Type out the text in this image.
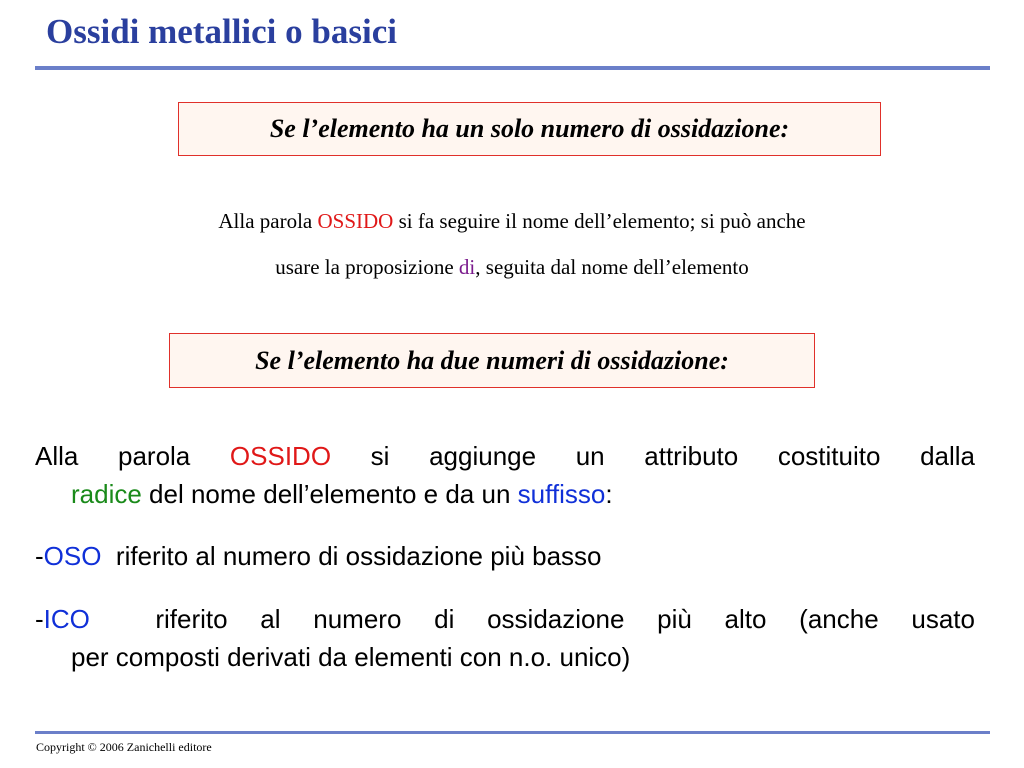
Ossidi metallici o basici
Se l’elemento ha un solo numero di ossidazione:
Alla parola OSSIDO si fa seguire il nome dell’elemento; si può anche
usare la proposizione di, seguita dal nome dell’elemento
Se l’elemento ha due numeri di ossidazione:
Alla parola OSSIDO si aggiunge un attributo costituito dalla
radice del nome dell’elemento e da un suffisso:
-OSO  riferito al numero di ossidazione più basso
-ICO  riferito al numero di ossidazione più alto (anche usato
per composti derivati da elementi con n.o. unico)
Copyright © 2006 Zanichelli editore
